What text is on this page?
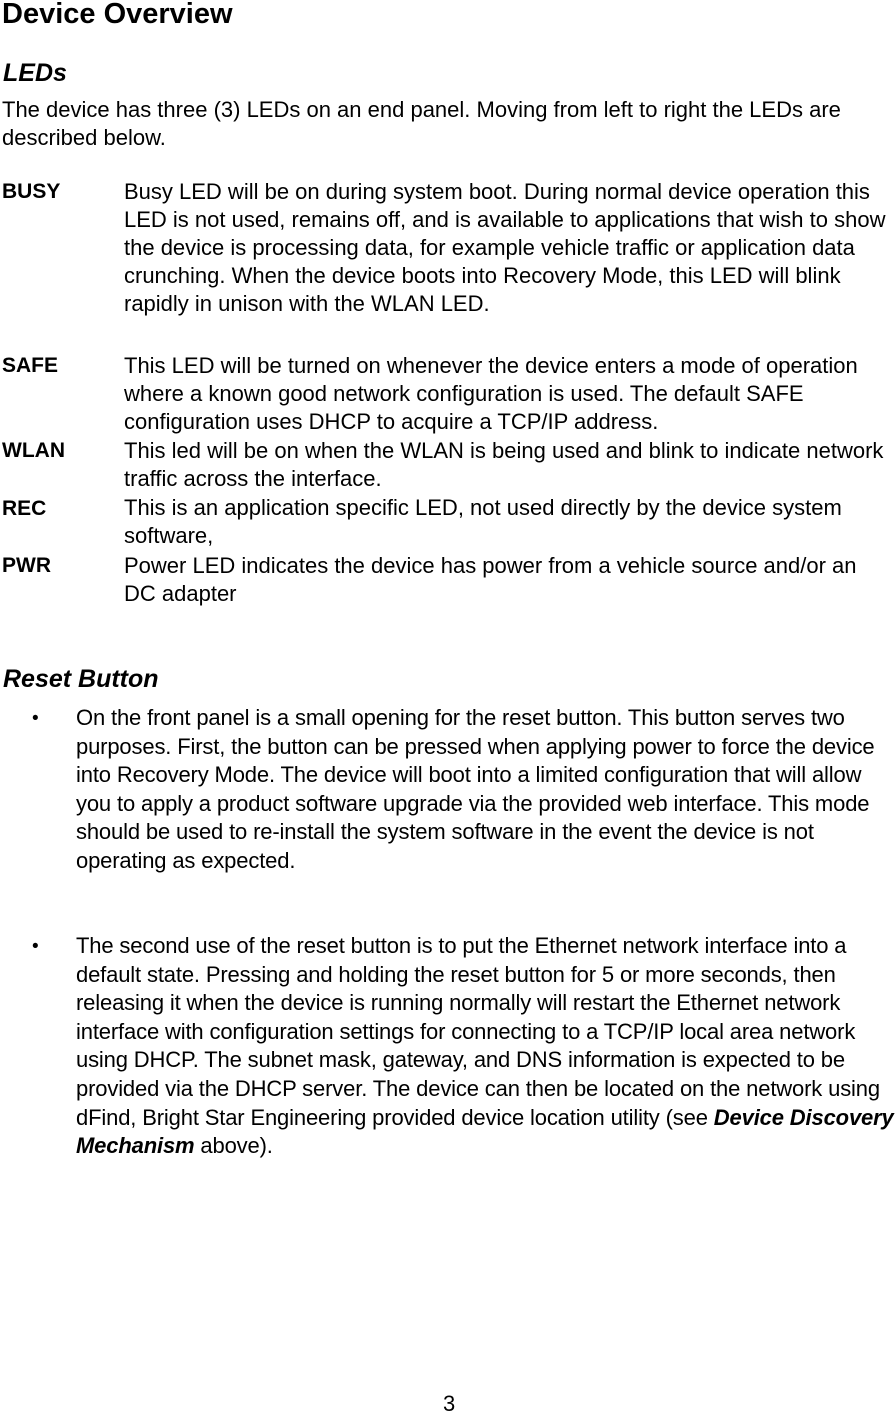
Device Overview
LEDs

The device has three (3) LEDs on an end panel. Moving from left to right the LEDs are described below.

BUSY	Busy LED will be on during system boot. During normal device operation this LED is not used, remains off, and is available to applications that wish to show the device is processing data, for example vehicle traffic or application data crunching. When the device boots into Recovery Mode, this LED will blink rapidly in unison with the WLAN LED.

SAFE	This LED will be turned on whenever the device enters a mode of operation where a known good network configuration is used. The default SAFE configuration uses DHCP to acquire a TCP/IP address.

WLAN	This led will be on when the WLAN is being used and blink to indicate network traffic across the interface.

REC	This is an application specific LED, not used directly by the device system software,

PWR	Power LED indicates the device has power from a vehicle source and/or an DC adapter

Reset Button
• On the front panel is a small opening for the reset button. This button serves two purposes. First, the button can be pressed when applying power to force the device into Recovery Mode. The device will boot into a limited configuration that will allow you to apply a product software upgrade via the provided web interface. This mode should be used to re-install the system software in the event the device is not operating as expected.

• The second use of the reset button is to put the Ethernet network interface into a default state. Pressing and holding the reset button for 5 or more seconds, then releasing it when the device is running normally will restart the Ethernet network interface with configuration settings for connecting to a TCP/IP local area network using DHCP. The subnet mask, gateway, and DNS information is expected to be provided via the DHCP server. The device can then be located on the network using dFind, Bright Star Engineering provided device location utility (see Device Discovery Mechanism above).

3
